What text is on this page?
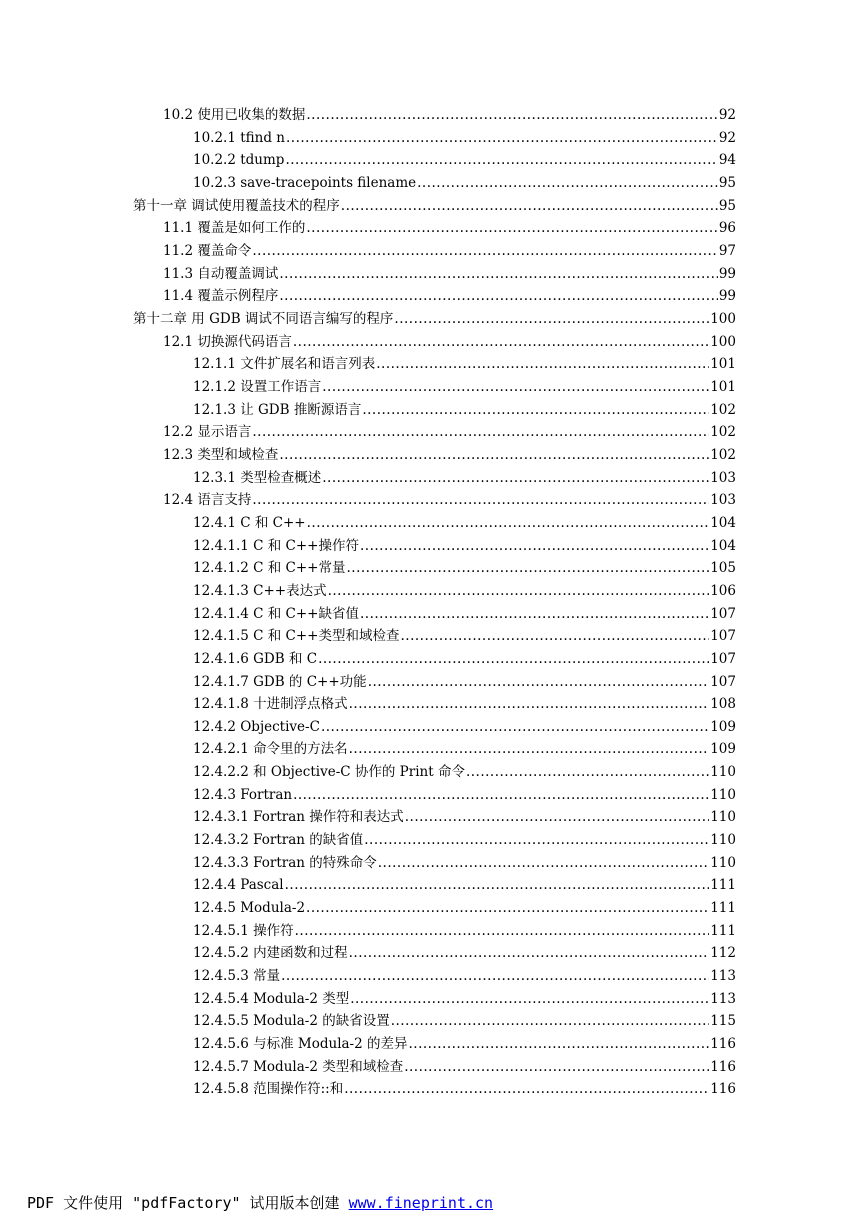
10.2 使用已收集的数据 .....	92
10.2.1 tfind n .....	92
10.2.2 tdump .....	94
10.2.3 save-tracepoints filename .....	95
第十一章 调试使用覆盖技术的程序 .....	95
11.1 覆盖是如何工作的 .....	96
11.2 覆盖命令 .....	97
11.3 自动覆盖调试 .....	99
11.4 覆盖示例程序 .....	99
第十二章 用 GDB 调试不同语言编写的程序 .....	100
12.1 切换源代码语言 .....	100
12.1.1 文件扩展名和语言列表 .....	101
12.1.2 设置工作语言 .....	101
12.1.3 让 GDB 推断源语言 .....	102
12.2 显示语言 .....	102
12.3 类型和域检查 .....	102
12.3.1 类型检查概述 .....	103
12.4 语言支持 .....	103
12.4.1 C 和 C++ .....	104
12.4.1.1 C 和 C++操作符 .....	104
12.4.1.2 C 和 C++常量 .....	105
12.4.1.3 C++表达式 .....	106
12.4.1.4 C 和 C++缺省值 .....	107
12.4.1.5 C 和 C++类型和域检查 .....	107
12.4.1.6 GDB 和 C .....	107
12.4.1.7 GDB 的 C++功能 .....	107
12.4.1.8 十进制浮点格式 .....	108
12.4.2 Objective-C .....	109
12.4.2.1 命令里的方法名 .....	109
12.4.2.2 和 Objective-C 协作的 Print 命令 .....	110
12.4.3 Fortran .....	110
12.4.3.1 Fortran 操作符和表达式 .....	110
12.4.3.2 Fortran 的缺省值 .....	110
12.4.3.3 Fortran 的特殊命令 .....	110
12.4.4 Pascal .....	111
12.4.5 Modula-2 .....	111
12.4.5.1 操作符 .....	111
12.4.5.2 内建函数和过程 .....	112
12.4.5.3 常量 .....	113
12.4.5.4 Modula-2 类型 .....	113
12.4.5.5 Modula-2 的缺省设置 .....	115
12.4.5.6 与标准 Modula-2 的差异 .....	116
12.4.5.7 Modula-2 类型和域检查 .....	116
12.4.5.8 范围操作符::和 .....	116
PDF 文件使用 "pdfFactory" 试用版本创建 www.fineprint.cn
